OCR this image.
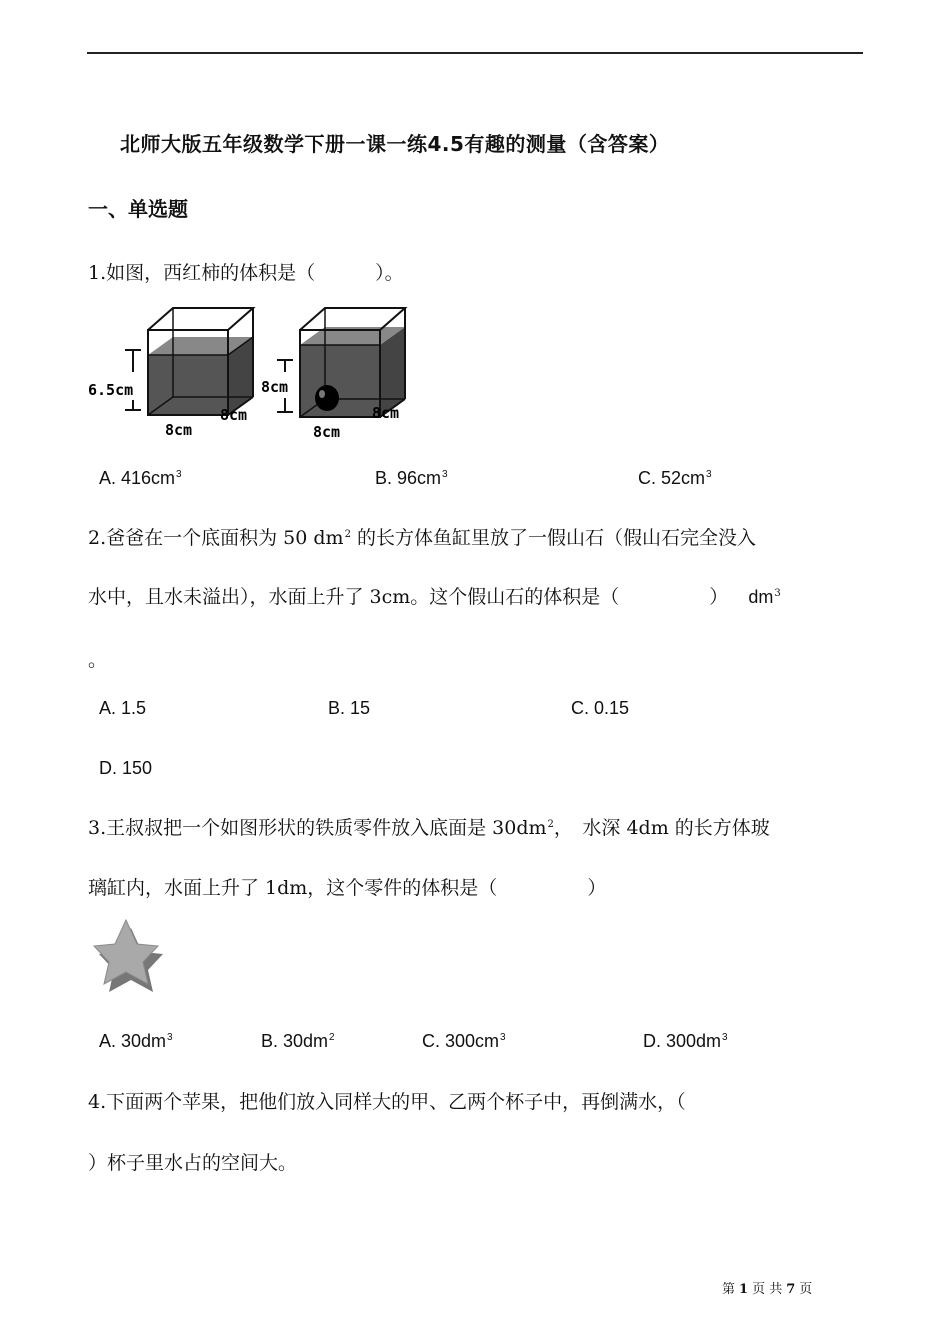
北师大版五年级数学下册一课一练4.5有趣的测量（含答案）
一、单选题
1.如图，西红柿的体积是（	）。
6.5cm
8cm
8cm
8cm
8cm
8cm
A. $416cm^3$	B. $96cm^3$	C. $52cm^3$
2.爸爸在一个底面积为 50 $dm^2$ 的长方体鱼缸里放了一假山石（假山石完全没入
水中，且水未溢出），水面上升了 3cm。这个假山石的体积是（	） $dm^3$
。
A. 1.5	B. 15	C. 0.15
D. 150
3.王叔叔把一个如图形状的铁质零件放入底面是 $30dm^2$，　水深 4dm 的长方体玻
璃缸内，水面上升了 1dm，这个零件的体积是（	）
A. $30dm^3$	B. $30dm^2$	C. $300cm^3$	D. $300dm^3$
4.下面两个苹果，把他们放入同样大的甲、乙两个杯子中，再倒满水，（
）杯子里水占的空间大。
第 1 页 共 7 页
